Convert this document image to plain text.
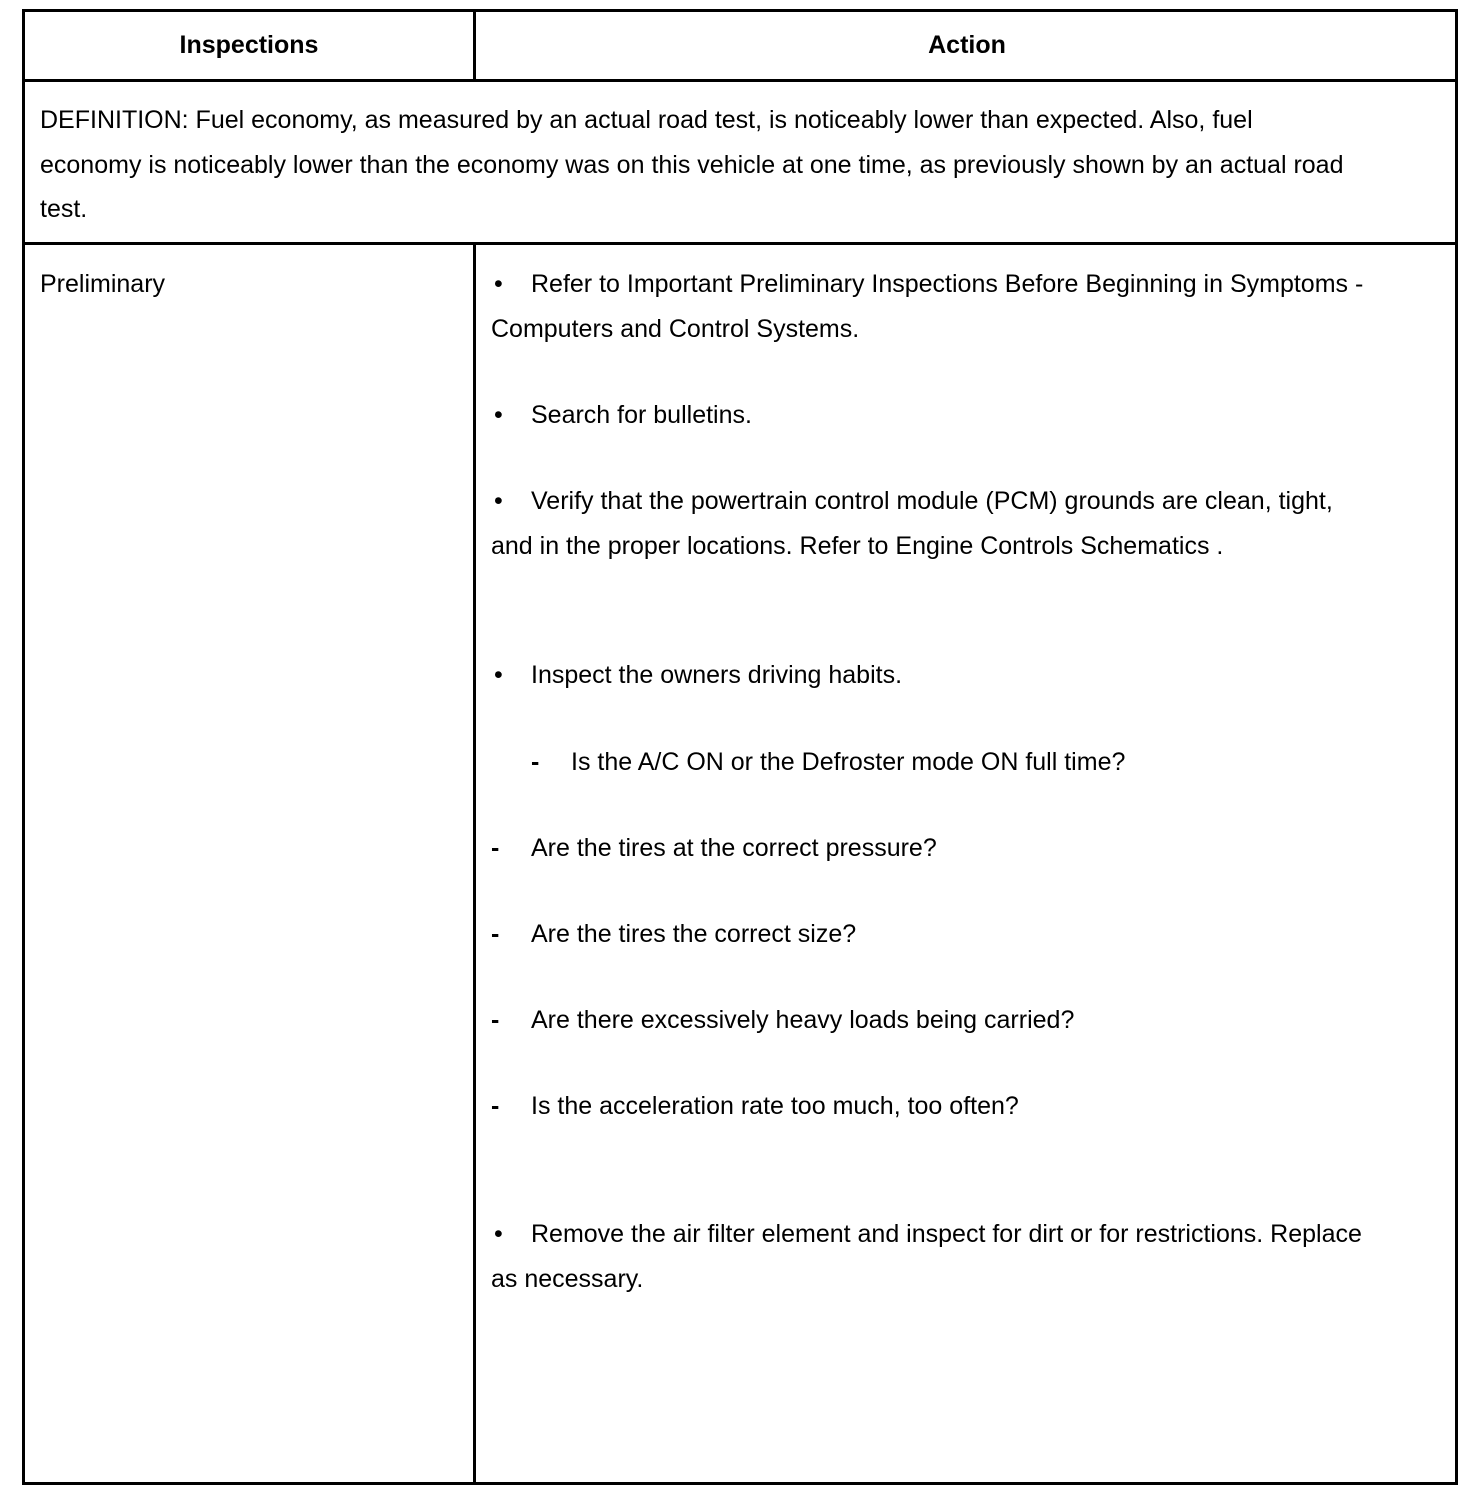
Inspections	Action

DEFINITION: Fuel economy, as measured by an actual road test, is noticeably lower than expected. Also, fuel economy is noticeably lower than the economy was on this vehicle at one time, as previously shown by an actual road test.

Preliminary	• Refer to Important Preliminary Inspections Before Beginning in Symptoms - Computers and Control Systems.

• Search for bulletins.

• Verify that the powertrain control module (PCM) grounds are clean, tight, and in the proper locations. Refer to Engine Controls Schematics .

• Inspect the owners driving habits.

- Is the A/C ON or the Defroster mode ON full time?

- Are the tires at the correct pressure?

- Are the tires the correct size?

- Are there excessively heavy loads being carried?

- Is the acceleration rate too much, too often?

• Remove the air filter element and inspect for dirt or for restrictions. Replace as necessary.
